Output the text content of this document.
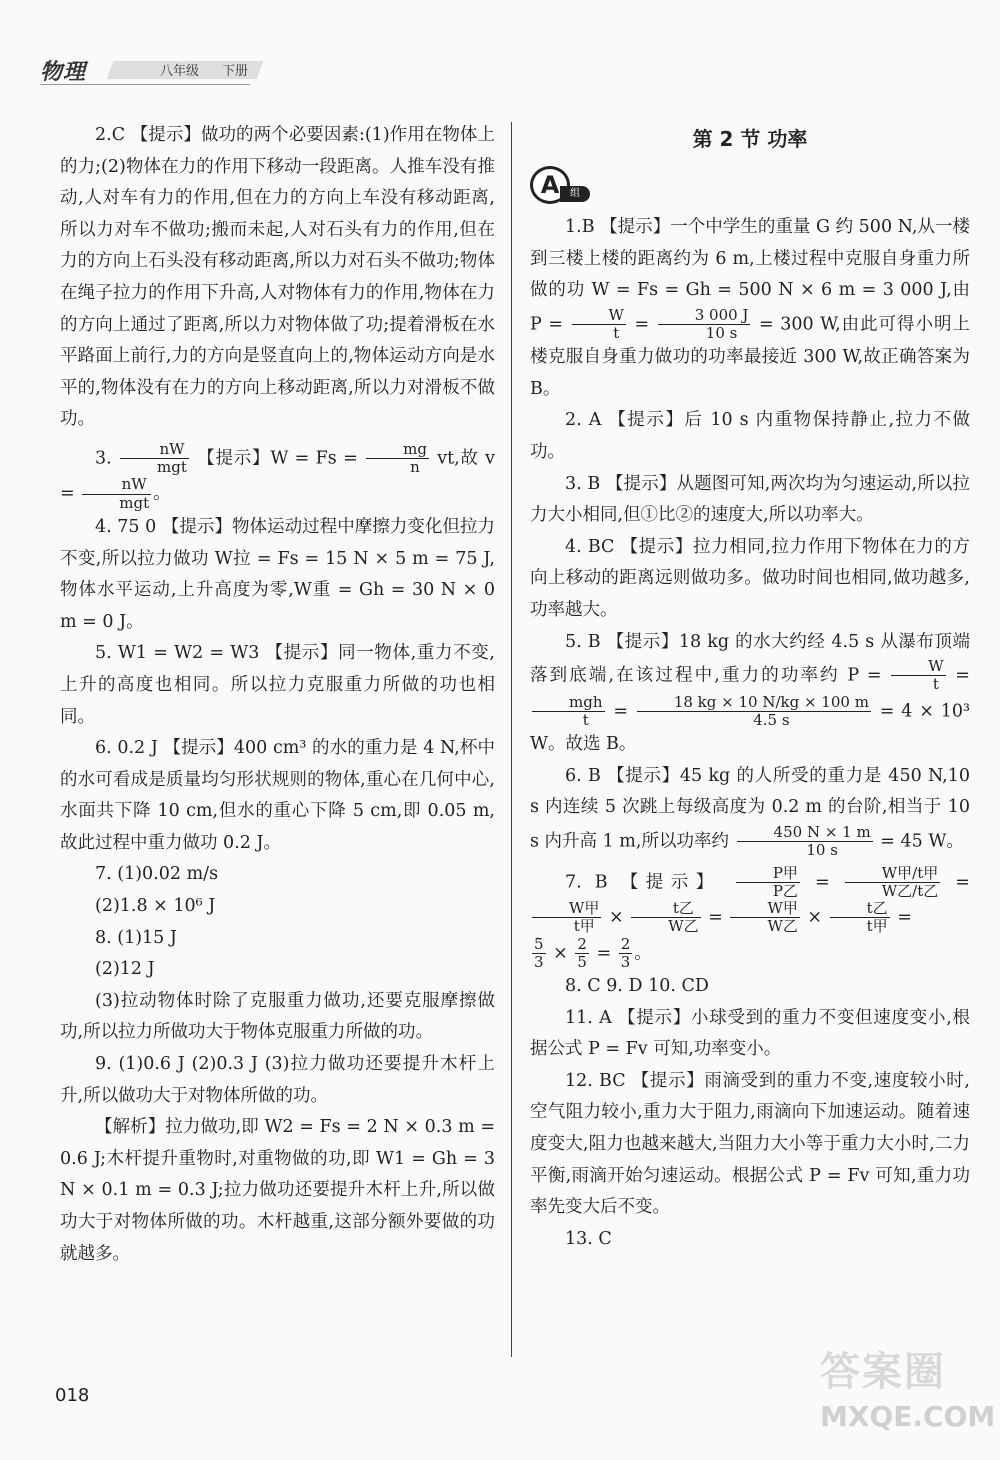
物理	八年级 下册

2.C 【提示】做功的两个必要因素:(1)作用在物体上的力;(2)物体在力的作用下移动一段距离。人推车没有推动,人对车有力的作用,但在力的方向上车没有移动距离,所以力对车不做功;搬而未起,人对石头有力的作用,但在力的方向上石头没有移动距离,所以力对石头不做功;物体在绳子拉力的作用下升高,人对物体有力的作用,物体在力的方向上通过了距离,所以力对物体做了功;提着滑板在水平路面上前行,力的方向是竖直向上的,物体运动方向是水平的,物体没有在力的方向上移动距离,所以力对滑板不做功。

3. $\frac{nW}{\text{mgt}}$ 【提示】$W = Fs = \frac{mg}{n}$ vt,故 $v = \frac{nW}{\text{mgt}}$ 。

4. 75 0 【提示】物体运动过程中摩擦力变化但拉力不变,所以拉力做功 W拉 = Fs = 15 N × 5 m = 75 J,物体水平运动,上升高度为零,W重 = Gh = 30 N × 0 m = 0 J。

5. W1 = W2 = W3 【提示】同一物体,重力不变,上升的高度也相同。所以拉力克服重力所做的功也相同。

6. 0.2 J 【提示】400 cm³ 的水的重力是 4 N,杯中的水可看成是质量均匀形状规则的物体,重心在几何中心,水面共下降 10 cm,但水的重心下降 5 cm,即 0.05 m,故此过程中重力做功 0.2 J。

7. (1)0.02 m/s

(2)1.8 × 10⁶ J

8. (1)15 J

(2)12 J

(3)拉动物体时除了克服重力做功,还要克服摩擦做功,所以拉力所做功大于物体克服重力所做的功。

9. (1)0.6 J (2)0.3 J (3)拉力做功还要提升木杆上升,所以做功大于对物体所做的功。

【解析】拉力做功,即 W2 = Fs = 2 N × 0.3 m = 0.6 J;木杆提升重物时,对重物做的功,即 W1 = Gh = 3 N × 0.1 m = 0.3 J;拉力做功还要提升木杆上升,所以做功大于对物体所做的功。木杆越重,这部分额外要做的功就越多。

第 2 节 功率
A	组

1.B 【提示】一个中学生的重量 G 约 500 N,从一楼到三楼上楼的距离约为 6 m,上楼过程中克服自身重力所做的功 W = Fs = Gh = 500 N × 6 m = 3 000 J,由 $P = \frac{W}{t} = \frac{3 000 J}{10 s} = 300$ W,由此可得小明上楼克服自身重力做功的功率最接近 300 W,故正确答案为 B。

2. A 【提示】后 10 s 内重物保持静止,拉力不做功。

3. B 【提示】从题图可知,两次均为匀速运动,所以拉力大小相同,但①比②的速度大,所以功率大。

4. BC 【提示】拉力相同,拉力作用下物体在力的方向上移动的距离远则做功多。做功时间也相同,做功越多,功率越大。

5. B 【提示】18 kg 的水大约经 4.5 s 从瀑布顶端落到底端,在该过程中,重力的功率约 $P = \frac{W}{t}$ =
$\frac{\text{mgh}}{t} = \frac{18 kg \times 10 N/kg \times 100 m}{4.5 s} = 4 \times 10^3$ W。故选 B。

6. B 【提示】45 kg 的人所受的重力是 450 N,10 s 内连续 5 次跳上每级高度为 0.2 m 的台阶,相当于 10 s 内升高 1 m,所以功率约 $\frac{450 N \times 1 m}{10 s} = 45$ W。

7. B 【提示】 $\frac{\text{P甲}}{\text{P乙}} = \frac{\text{W甲/t甲}}{\text{W乙/t乙}}$ =
$\frac{\text{W甲}}{\text{t甲}} \times \frac{\text{t乙}}{\text{W乙}} = \frac{\text{W甲}}{\text{W乙}} \times \frac{\text{t乙}}{\text{t甲}}$ =

$\frac{5}{3} \times \frac{2}{5} = \frac{2}{3}$ 。

8. C 9. D 10. CD

11. A 【提示】小球受到的重力不变但速度变小,根据公式 P = Fv 可知,功率变小。

12. BC 【提示】雨滴受到的重力不变,速度较小时,空气阻力较小,重力大于阻力,雨滴向下加速运动。随着速度变大,阻力也越来越大,当阻力大小等于重力大小时,二力平衡,雨滴开始匀速运动。根据公式 P = Fv 可知,重力功率先变大后不变。

13. C

018
答案圈
MXQE.COM
